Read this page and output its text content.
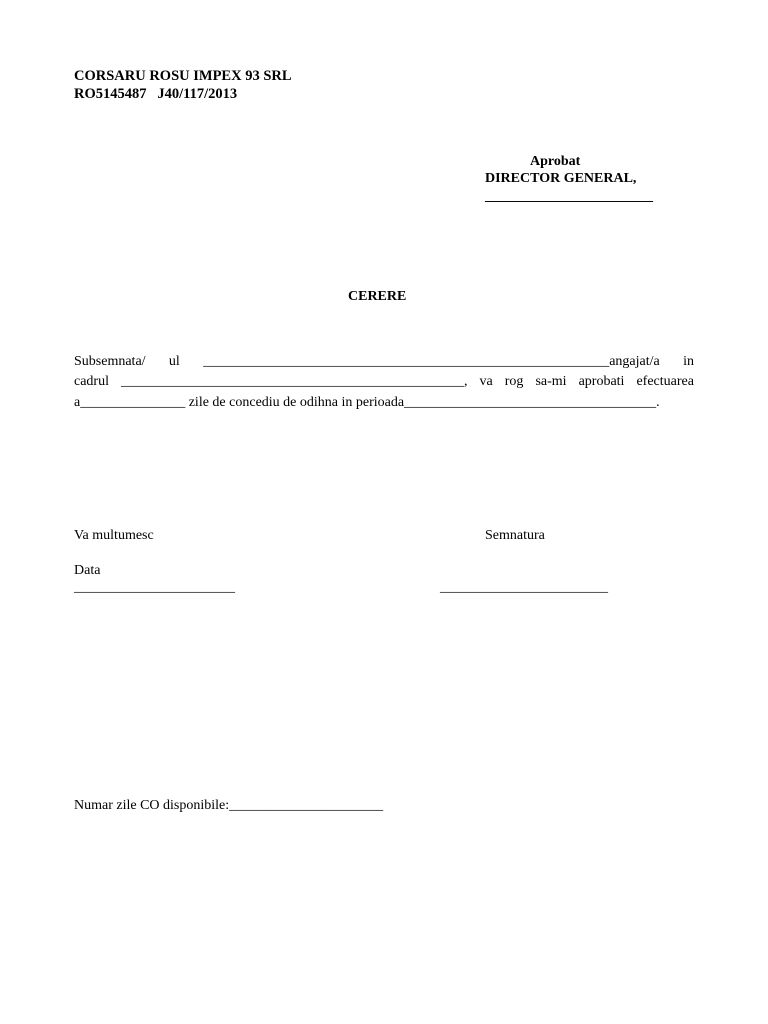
CORSARU ROSU IMPEX 93 SRL
RO5145487   J40/117/2013
Aprobat
DIRECTOR GENERAL,
________________________
CERERE
Subsemnata/ ul __________________________________________________________angajat/a in
cadrul _________________________________________________, va rog sa-mi aprobati efectuarea
a_______________ zile de concediu de odihna in perioada____________________________________.
Va multumesc	Semnatura
Data
_______________________	________________________
Numar zile CO disponibile:______________________
